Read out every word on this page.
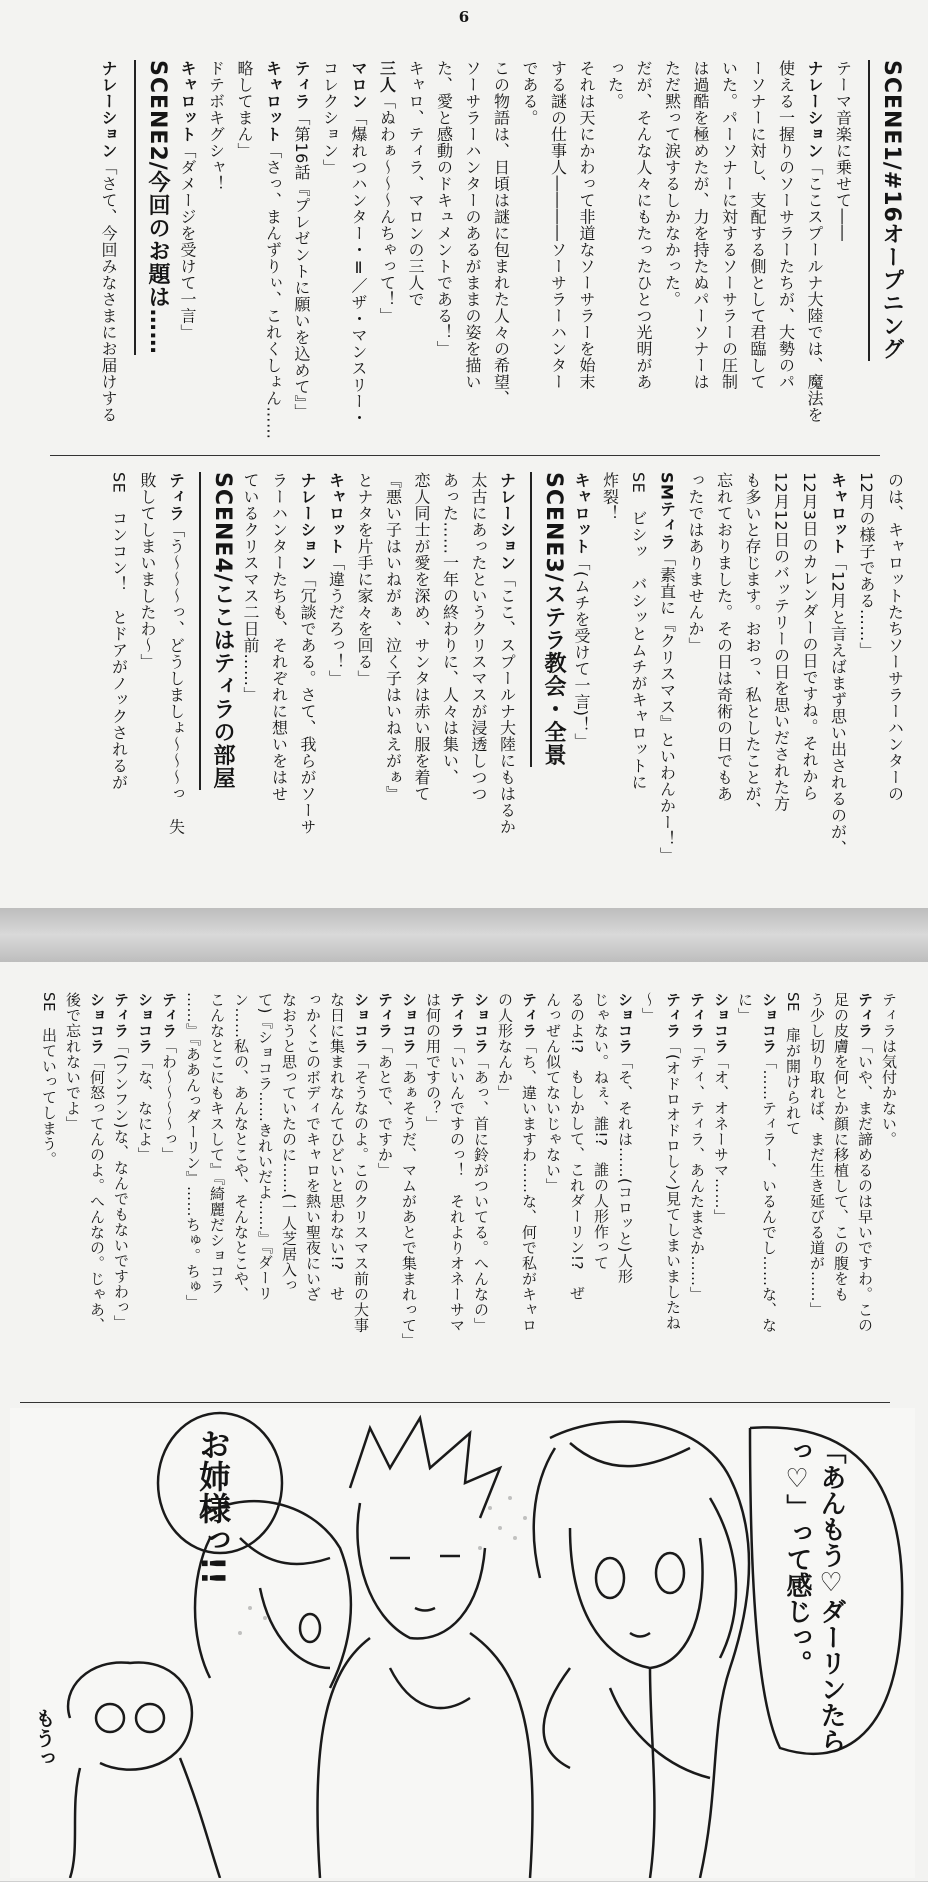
6
SCENE1/#16オープニング
テーマ音楽に乗せて――
ナレーション「ここスプールナ大陸では、魔法を
使える一握りのソーサラーたちが、大勢のパ
ーソナーに対し、支配する側として君臨して
いた。パーソナーに対するソーサラーの圧制
は過酷を極めたが、力を持たぬパーソナーは
ただ黙って涙するしかなかった。
だが、そんな人々にもたったひとつ光明があ
った。
それは天にかわって非道なソーサラーを始末
する謎の仕事人――――ソーサラーハンター
である。
この物語は、日頃は謎に包まれた人々の希望、
ソーサラーハンターのあるがままの姿を描い
た、愛と感動のドキュメントである！」
キャロ、ティラ、マロンの三人で
三人「ぬわぁ～～～んちゃって！」
マロン「爆れつハンター・Ⅱ／ザ・マンスリー・
コレクション」
ティラ「第16話『プレゼントに願いを込めて』」
キャロット「さっ、まんずりぃ、これくしょん……
略してまん」
ドテボキグシャ！
キャロット「ダメージを受けて一言」
SCENE2/今回のお題は……
ナレーション「さて、今回みなさまにお届けする
のは、キャロットたちソーサラーハンターの
12月の様子である……」
キャロット「12月と言えばまず思い出されるのが、
12月3日のカレンダーの日ですね。それから
12月12日のバッテリーの日を思いだされた方
も多いと存じます。おおっ、私としたことが、
忘れておりました。その日は奇術の日でもあ
ったではありませんか」
SMティラ「素直に『クリスマス』といわんかー！」
SE　ビシッ　バシッとムチがキャロットに
炸裂！
キャロット「(ムチを受けて一言)！」
SCENE3/ステラ教会・全景
ナレーション「ここ、スプールナ大陸にもはるか
太古にあったというクリスマスが浸透しつつ
あった……一年の終わりに、人々は集い、
恋人同士が愛を深め、サンタは赤い服を着て
『悪い子はいねがぁ、泣く子はいねえがぁ』
とナタを片手に家々を回る」
キャロット「違うだろっ！」
ナレーション「冗談である。さて、我らがソーサ
ラーハンターたちも、それぞれに想いをはせ
ているクリスマス二日前……」
SCENE4/ここはティラの部屋
ティラ「う～～～っ、どうしましょ～～～っ　失
敗してしまいましたわ～」
SE　コンコン！　とドアがノックされるが
ティラは気付かない。
ティラ「いや、まだ諦めるのは早いですわ。この
足の皮膚を何とか顔に移植して、この腹をも
う少し切り取れば、まだ生き延びる道が……」
SE　扉が開けられて
ショコラ「……ティラー、いるんでし……な、な
に」
ショコラ「オ、オネーサマ……」
ティラ「ティ、ティラ、あんたまさか……」
ティラ「(オドロオドロしく)見てしまいましたね
～」
ショコラ「そ、それは……(コロッと)人形
じゃない。ねぇ、誰!?　誰の人形作って
るのよ!?　もしかして、これダーリン!?　ぜ
んっぜん似てないじゃない」
ティラ「ち、違いますわ……な、何で私がキャロ
の人形なんか」
ショコラ「あっ、首に鈴がついてる。へんなの」
ティラ「いいんですのっ！　それよりオネーサマ
は何の用ですの？」
ショコラ「あぁそうだ、マムがあとで集まれって」
ティラ「あとで、ですか」
ショコラ「そうなのよ。このクリスマス前の大事
な日に集まれなんてひどいと思わない!?　せ
っかくこのボディでキャロを熱い聖夜にいざ
なおうと思っていたのに……(一人芝居入っ
て)『ショコラ……きれいだよ……』『ダーリ
ン……私の、あんなとこや、そんなとこや、
こんなとこにもキスして』『綺麗だショコラ
……』『ああんっダーリン』……ちゅ。ちゅ」
ティラ「わ～～～～っ」
ショコラ「な、なによ」
ティラ「(フンフン)な、なんでもないですわっ」
ショコラ「何怒ってんのよ。へんなの。じゃあ、
後で忘れないでよ」
SE　出ていってしまう。
「あんもう♡ダーリンたらっ♡」って感じっ。
お姉様っ!!
もうっ
